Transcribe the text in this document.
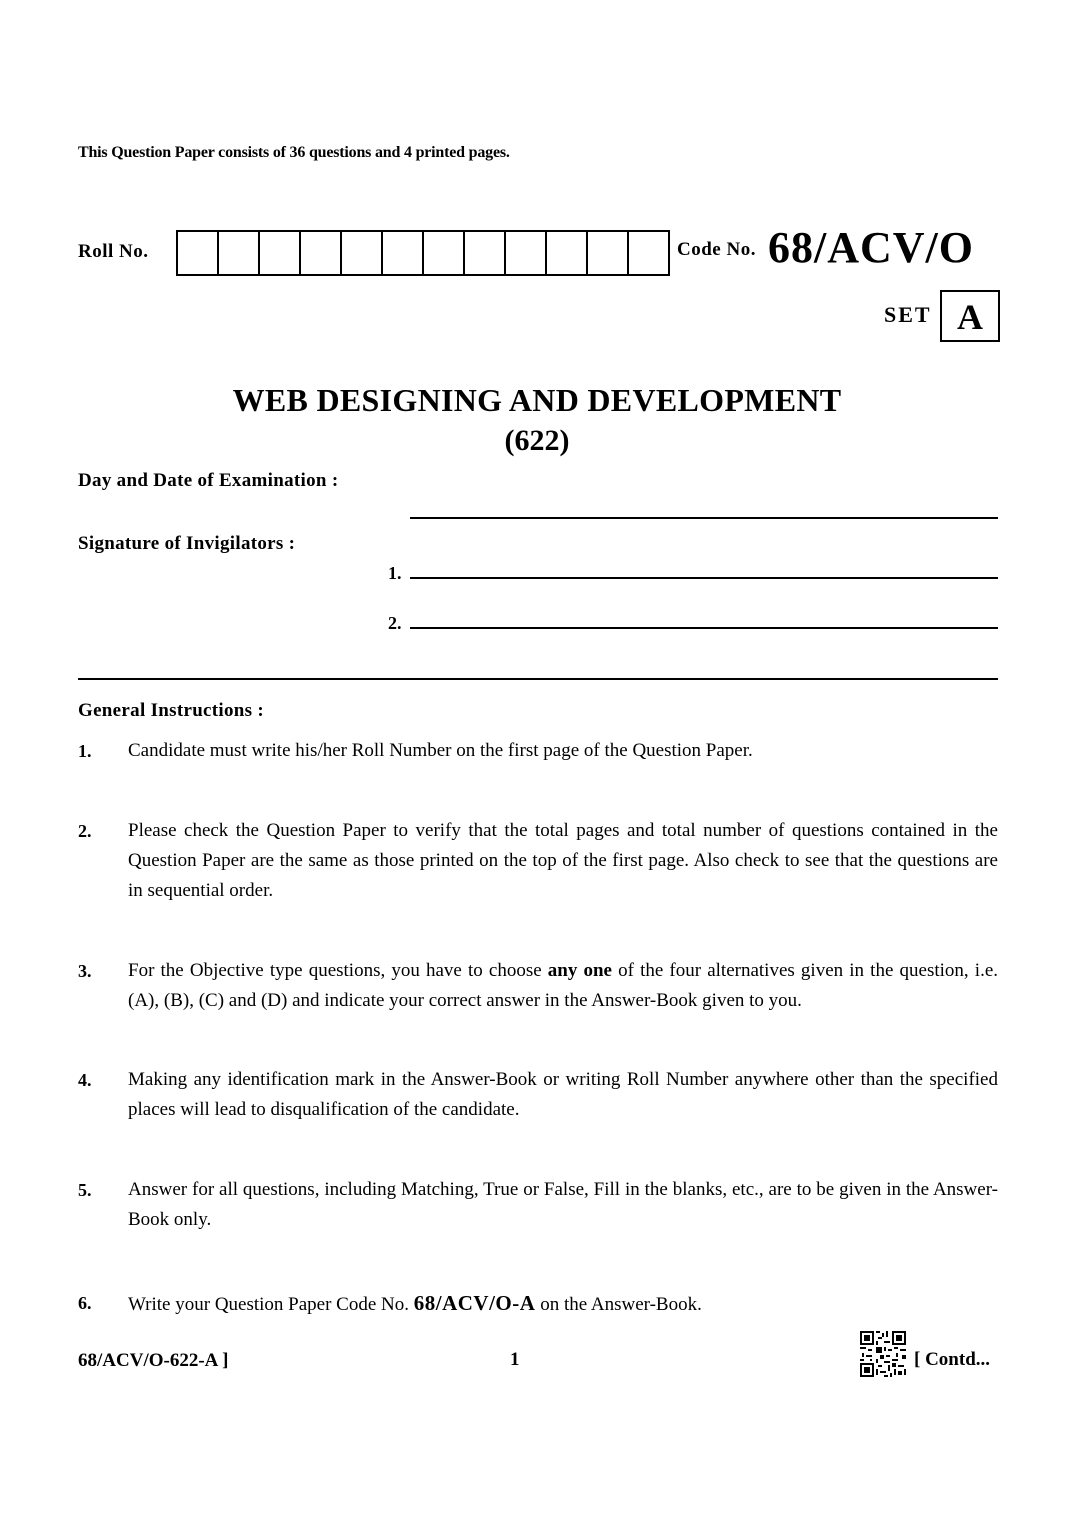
This Question Paper consists of 36 questions and 4 printed pages.
Roll No.	Code No. 68/ACV/O
SET A
WEB DESIGNING AND DEVELOPMENT
(622)
Day and Date of Examination :
Signature of Invigilators :
1.
2.
General Instructions :
1. Candidate must write his/her Roll Number on the first page of the Question Paper.
2. Please check the Question Paper to verify that the total pages and total number of questions contained in the Question Paper are the same as those printed on the top of the first page. Also check to see that the questions are in sequential order.
3. For the Objective type questions, you have to choose any one of the four alternatives given in the question, i.e. (A), (B), (C) and (D) and indicate your correct answer in the Answer-Book given to you.
4. Making any identification mark in the Answer-Book or writing Roll Number anywhere other than the specified places will lead to disqualification of the candidate.
5. Answer for all questions, including Matching, True or False, Fill in the blanks, etc., are to be given in the Answer-Book only.
6. Write your Question Paper Code No. 68/ACV/O-A on the Answer-Book.
68/ACV/O-622-A ]	1	[ Contd...
